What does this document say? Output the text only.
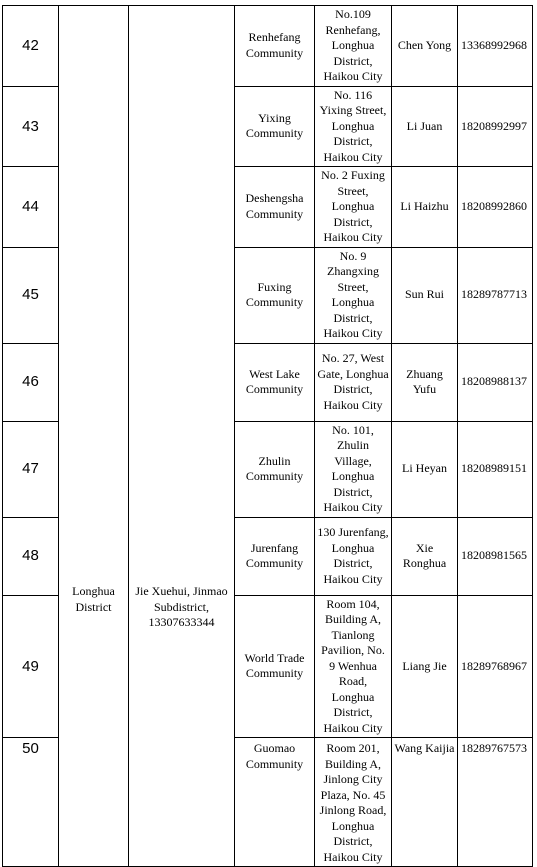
42	Longhua District	Jie Xuehui, Jinmao Subdistrict, 13307633344	Renhefang Community	No.109 Renhefang, Longhua District, Haikou City	Chen Yong	13368992968
43			Yixing Community	No. 116 Yixing Street, Longhua District, Haikou City	Li Juan	18208992997
44			Deshengsha Community	No. 2 Fuxing Street, Longhua District, Haikou City	Li Haizhu	18208992860
45			Fuxing Community	No. 9 Zhangxing Street, Longhua District, Haikou City	Sun Rui	18289787713
46			West Lake Community	No. 27, West Gate, Longhua District, Haikou City	Zhuang Yufu	18208988137
47			Zhulin Community	No. 101, Zhulin Village, Longhua District, Haikou City	Li Heyan	18208989151
48			Jurenfang Community	130 Jurenfang, Longhua District, Haikou City	Xie Ronghua	18208981565
49			World Trade Community	Room 104, Building A, Tianlong Pavilion, No. 9 Wenhua Road, Longhua District, Haikou City	Liang Jie	18289768967
50			Guomao Community	Room 201, Building A, Jinlong City Plaza, No. 45 Jinlong Road, Longhua District, Haikou City	Wang Kaijia	18289767573
